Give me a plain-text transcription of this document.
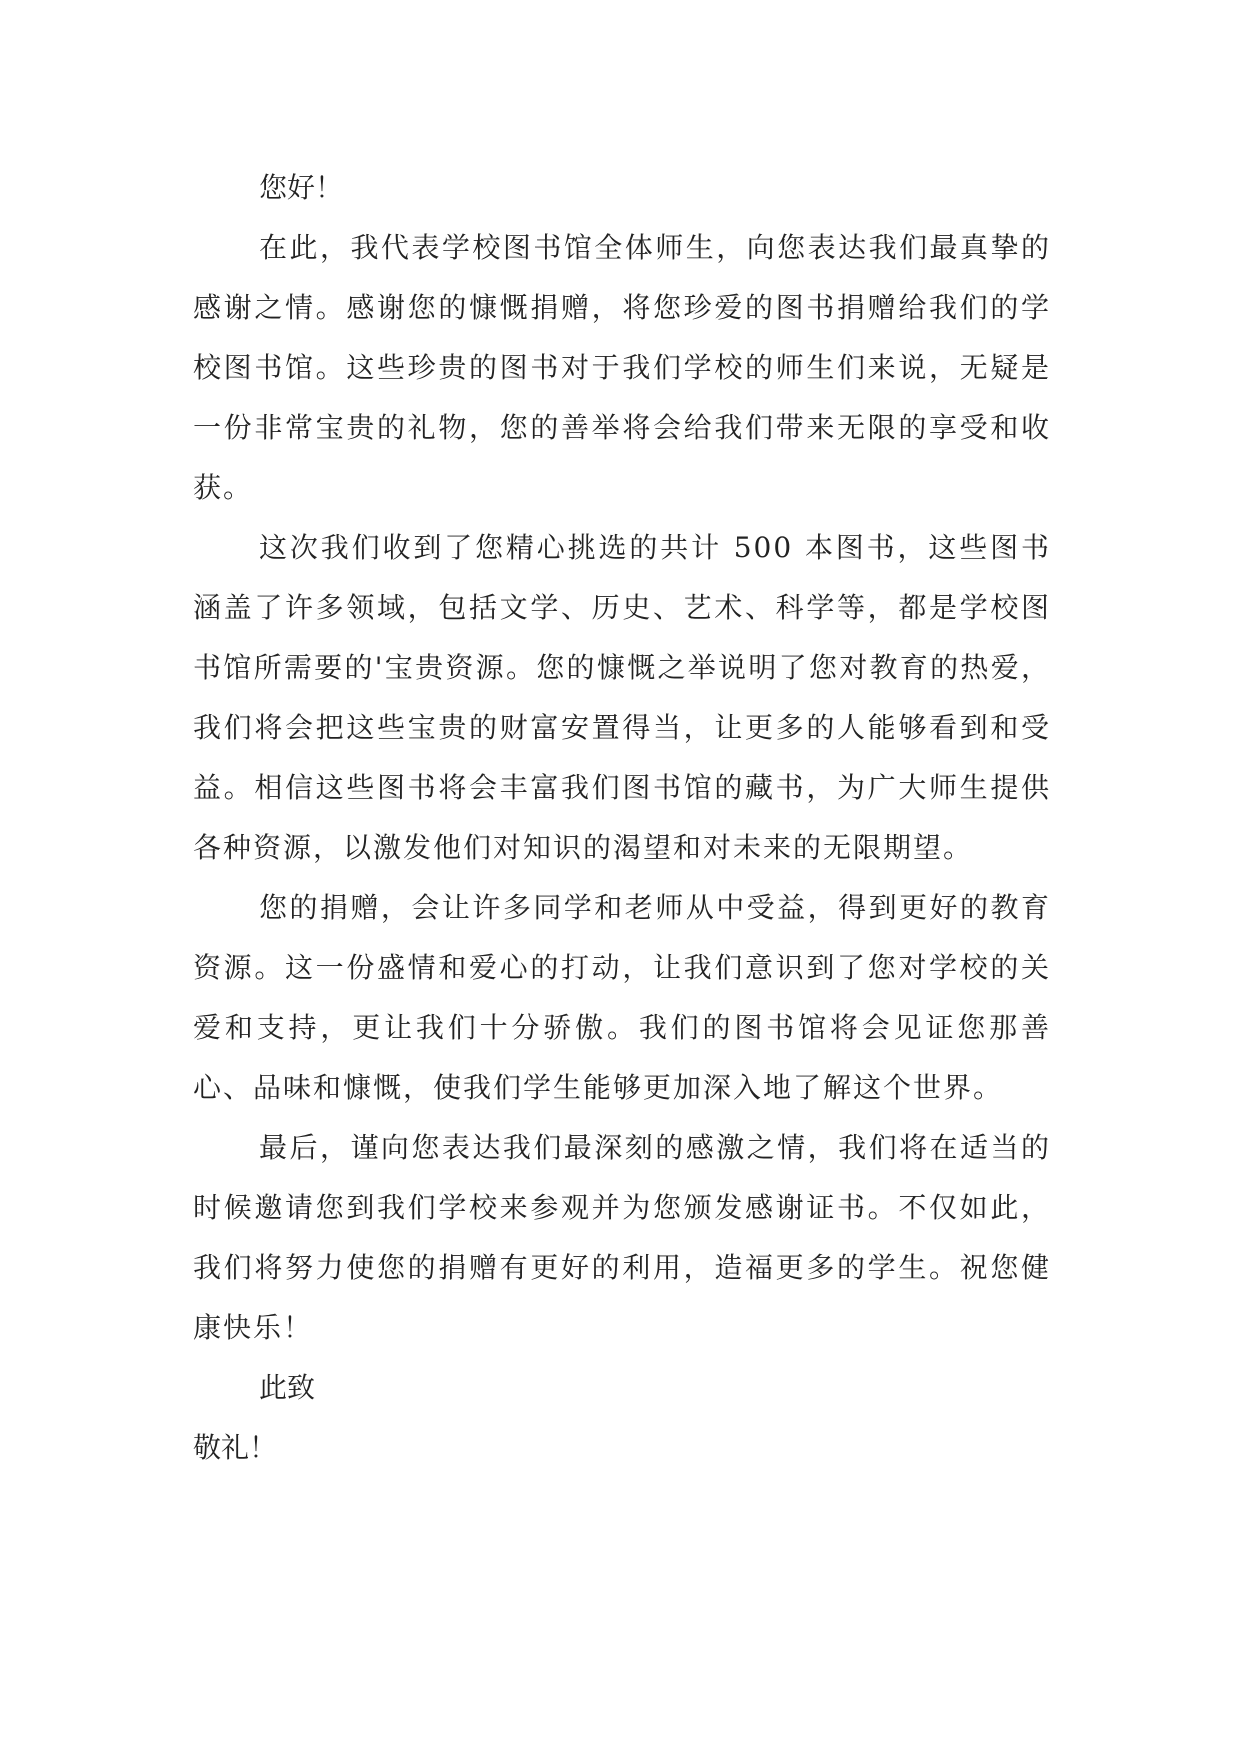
您好！

在此，我代表学校图书馆全体师生，向您表达我们最真挚的感谢之情。感谢您的慷慨捐赠，将您珍爱的图书捐赠给我们的学校图书馆。这些珍贵的图书对于我们学校的师生们来说，无疑是一份非常宝贵的礼物，您的善举将会给我们带来无限的享受和收获。

这次我们收到了您精心挑选的共计 500 本图书，这些图书涵盖了许多领域，包括文学、历史、艺术、科学等，都是学校图书馆所需要的'宝贵资源。您的慷慨之举说明了您对教育的热爱，我们将会把这些宝贵的财富安置得当，让更多的人能够看到和受益。相信这些图书将会丰富我们图书馆的藏书，为广大师生提供各种资源，以激发他们对知识的渴望和对未来的无限期望。

您的捐赠，会让许多同学和老师从中受益，得到更好的教育资源。这一份盛情和爱心的打动，让我们意识到了您对学校的关爱和支持，更让我们十分骄傲。我们的图书馆将会见证您那善心、品味和慷慨，使我们学生能够更加深入地了解这个世界。

最后，谨向您表达我们最深刻的感激之情，我们将在适当的时候邀请您到我们学校来参观并为您颁发感谢证书。不仅如此，我们将努力使您的捐赠有更好的利用，造福更多的学生。祝您健康快乐！

此致

敬礼！
